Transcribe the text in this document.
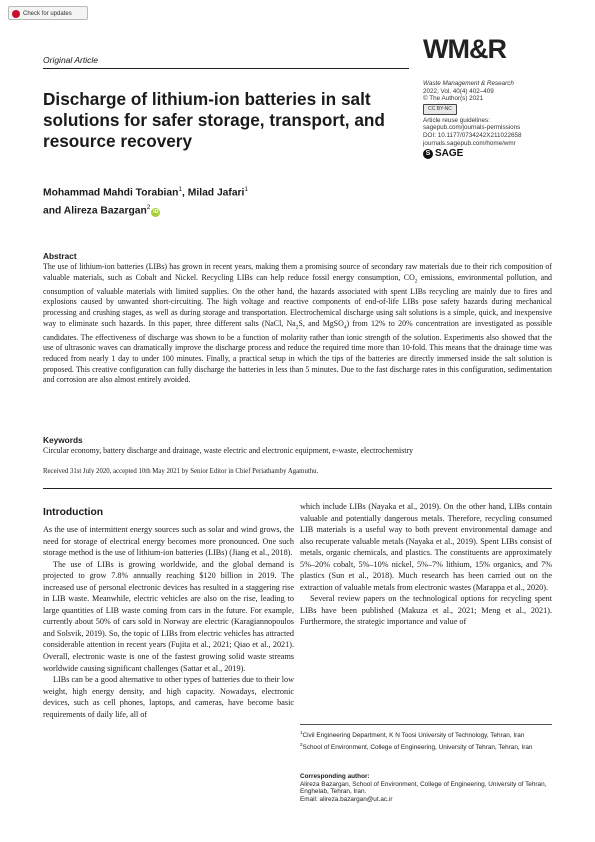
Check for updates
Original Article	WM&R
Waste Management & Research
2022, Vol. 40(4) 402–409
© The Author(s) 2021
CC BY-NC
Article reuse guidelines:
sagepub.com/journals-permissions
DOI: 10.1177/0734242X211022658
journals.sagepub.com/home/wmr
S SAGE
Discharge of lithium-ion batteries in salt solutions for safer storage, transport, and resource recovery
Mohammad Mahdi Torabian$^1$, Milad Jafari$^1$
and Alireza Bazargan$^2$iD
Abstract
The use of lithium-ion batteries (LIBs) has grown in recent years, making them a promising source of secondary raw materials due to their rich composition of valuable materials, such as Cobalt and Nickel. Recycling LIBs can help reduce fossil energy consumption, $CO_2$ emissions, environmental pollution, and consumption of valuable materials with limited supplies. On the other hand, the hazards associated with spent LIBs recycling are mainly due to fires and explosions caused by unwanted short-circuiting. The high voltage and reactive components of end-of-life LIBs pose safety hazards during mechanical processing and crushing stages, as well as during storage and transportation. Electrochemical discharge using salt solutions is a simple, quick, and inexpensive way to eliminate such hazards. In this paper, three different salts (NaCl, $Na_2S$, and MgSO$_4$) from 12% to 20% concentration are investigated as possible candidates. The effectiveness of discharge was shown to be a function of molarity rather than ionic strength of the solution. Experiments also showed that the use of ultrasonic waves can dramatically improve the discharge process and reduce the required time more than 10-fold. This means that the drainage time was reduced from nearly 1 day to under 100 minutes. Finally, a practical setup in which the tips of the batteries are directly immersed inside the salt solution is proposed. This creative configuration can fully discharge the batteries in less than 5 minutes. Due to the fast discharge rates in this configuration, sedimentation and corrosion are also almost entirely avoided.
Keywords
Circular economy, battery discharge and drainage, waste electric and electronic equipment, e-waste, electrochemistry
Received 31st July 2020, accepted 10th May 2021 by Senior Editor in Chief Periathamby Agamuthu.
Introduction

As the use of intermittent energy sources such as solar and wind grows, the need for storage of electrical energy becomes more pronounced. One such storage method is the use of lithium-ion batteries (LIBs) (Jiang et al., 2018).

The use of LIBs is growing worldwide, and the global demand is projected to grow 7.8% annually reaching $120 billion in 2019. The increased use of personal electronic devices has resulted in a staggering rise in LIB waste. Meanwhile, electric vehicles are also on the rise, leading to large quantities of LIB waste coming from cars in the future. For example, currently about 50% of cars sold in Norway are electric (Karagiannopoulos and Solsvik, 2019). So, the topic of LIBs from electric vehicles has attracted considerable attention in recent years (Fujita et al., 2021; Qiao et al., 2021). Overall, electronic waste is one of the fastest growing solid waste streams worldwide causing significant challenges (Sattar et al., 2019).

LIBs can be a good alternative to other types of batteries due to their low weight, high energy density, and high capacity. Nowadays, electronic devices, such as cell phones, laptops, and cameras, have become basic requirements of daily life, all of

which include LIBs (Nayaka et al., 2019). On the other hand, LIBs contain valuable and potentially dangerous metals. Therefore, recycling consumed LIB materials is a useful way to both prevent environmental damage and also recuperate valuable metals (Nayaka et al., 2019). Spent LIBs consist of metals, organic chemicals, and plastics. The constituents are approximately 5%–20% cobalt, 5%–10% nickel, 5%–7% lithium, 15% organics, and 7% plastics (Sun et al., 2018). Much research has been carried out on the extraction of valuable metals from electronic wastes (Marappa et al., 2020).

Several review papers on the technological options for recycling spent LIBs have been published (Makuza et al., 2021; Meng et al., 2021). Furthermore, the strategic importance and value of

$^1$Civil Engineering Department, K N Toosi University of Technology, Tehran, Iran

$^2$School of Environment, College of Engineering, University of Tehran, Tehran, Iran

Corresponding author:
Alireza Bazargan, School of Environment, College of Engineering, University of Tehran, Enghelab, Tehran, Iran.
Email: alireza.bazargan@ut.ac.ir
